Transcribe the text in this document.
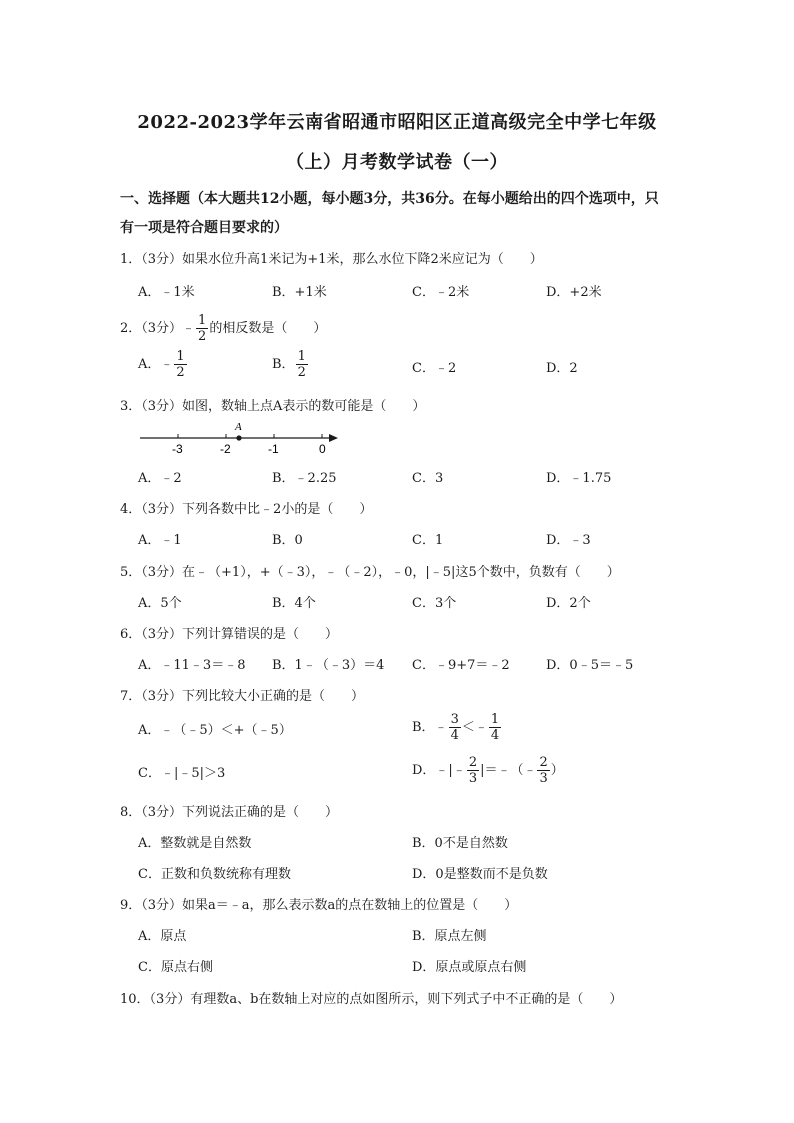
2022-2023学年云南省昭通市昭阳区正道高级完全中学七年级
（上）月考数学试卷（一）
一、选择题（本大题共12小题，每小题3分，共36分。在每小题给出的四个选项中，只
有一项是符合题目要求的）
1．（3分）如果水位升高1米记为+1米，那么水位下降2米应记为（　　）
A．﹣1米	B．+1米	C．﹣2米	D．+2米
2．（3分）﹣ $\frac{1}{2}$ 的相反数是（　　）
A．﹣ $\frac{1}{2}$	B． $\frac{1}{2}$	C．﹣2	D．2
3．（3分）如图，数轴上点A表示的数可能是（　　）
A
-3	-2	-1	0
A．﹣2	B．﹣2.25	C．3	D．﹣1.75
4．（3分）下列各数中比﹣2小的是（　　）
A．﹣1	B．0	C．1	D．﹣3
5．（3分）在﹣（+1），+（﹣3），﹣（﹣2），﹣0，|﹣5|这5个数中，负数有（　　）
A．5个	B．4个	C．3个	D．2个
6．（3分）下列计算错误的是（　　）
A．﹣11﹣3＝﹣8 B．1﹣（﹣3）＝4 C．﹣9+7＝﹣2	D．0﹣5＝﹣5
7．（3分）下列比较大小正确的是（　　）
A．﹣（﹣5）＜+（﹣5）	B．﹣ $\frac{3}{4}$ ＜﹣ $\frac{1}{4}$
C．﹣|﹣5|＞3	D．﹣|﹣ $\frac{2}{3}$ |＝﹣（﹣ $\frac{2}{3}$ ）
8．（3分）下列说法正确的是（　　）
A．整数就是自然数	B．0不是自然数
C．正数和负数统称有理数	D．0是整数而不是负数
9．（3分）如果a＝﹣a，那么表示数a的点在数轴上的位置是（　　）
A．原点	B．原点左侧
C．原点右侧	D．原点或原点右侧
10．（3分）有理数a、b在数轴上对应的点如图所示，则下列式子中不正确的是（　　）
